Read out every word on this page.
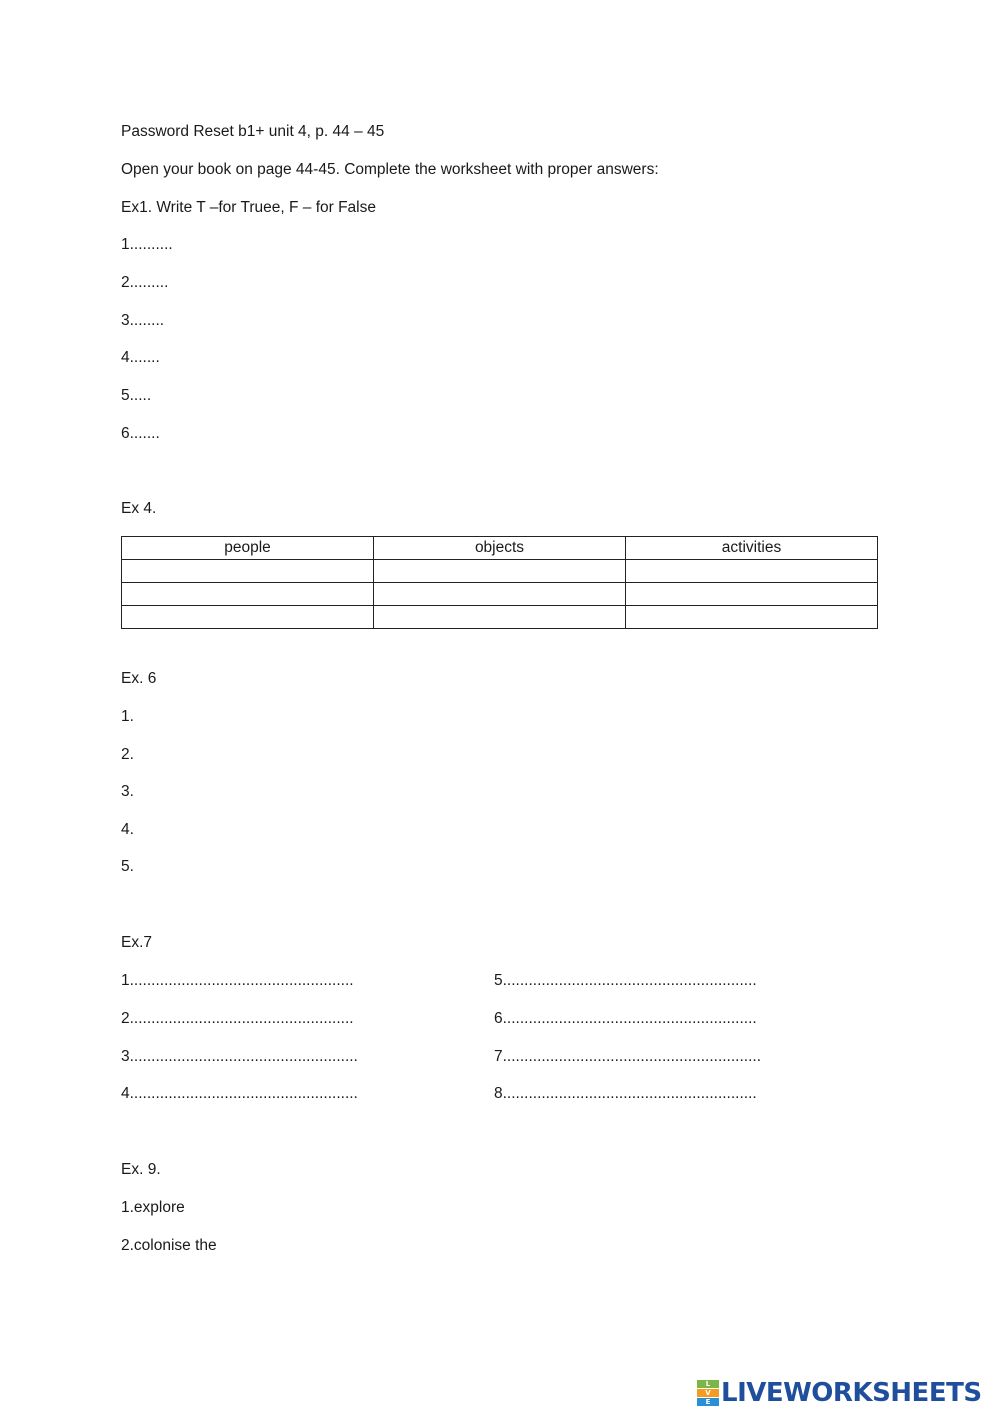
Password Reset b1+ unit 4, p. 44 – 45
Open your book on page 44-45. Complete the worksheet with proper answers:
Ex1. Write T –for Truee, F – for False
1..........
2.........
3........
4.......
5.....
6.......
Ex 4.
people	objects	activities

Ex. 6
1.
2.
3.
4.
5.
Ex.7
1....................................................
2....................................................
3.....................................................
4.....................................................
5...........................................................
6...........................................................
7............................................................
8...........................................................
Ex. 9.
1.explore
2.colonise the
L
V
E LIVEWORKSHEETS
